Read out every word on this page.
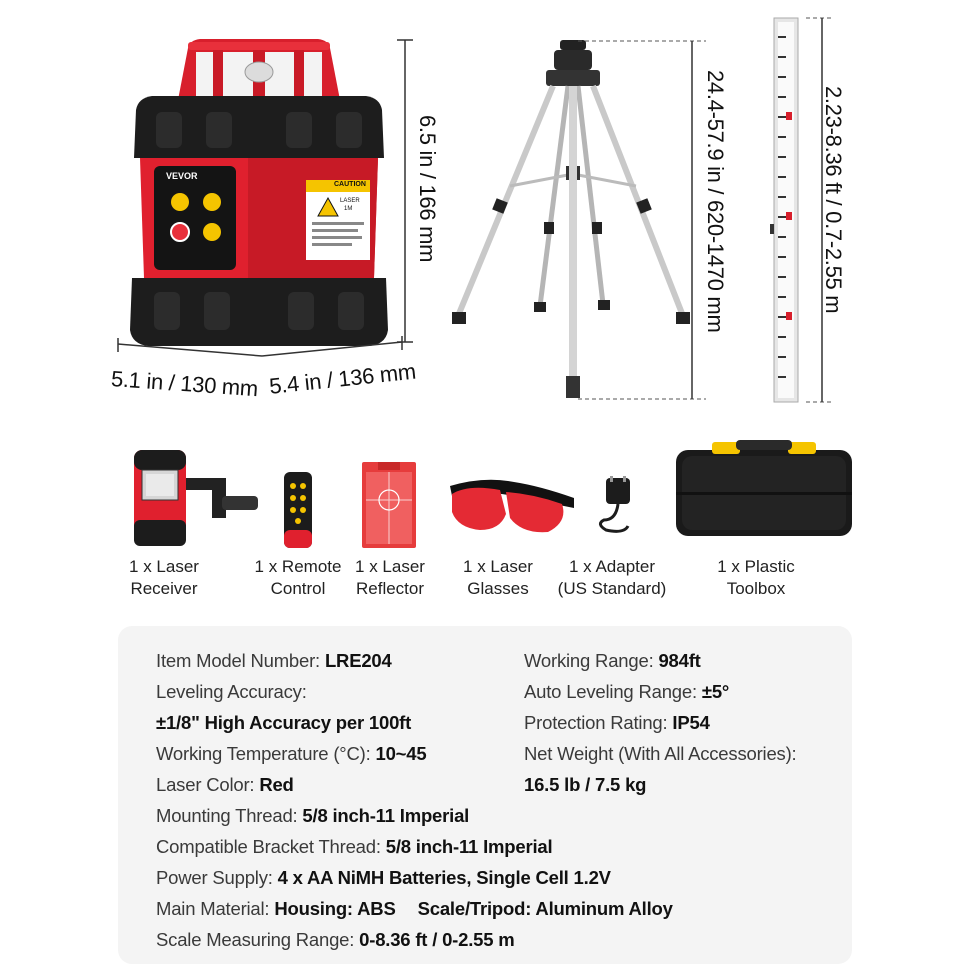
VEVOR
CAUTION
LASER
1M	6.5 in / 166 mm
5.1 in / 130 mm 5.4 in / 136 mm
24.4-57.9 in / 620-1470 mm	2.23-8.36 ft / 0.7-2.55 m
1 x Laser
Receiver
1 x Remote
Control
1 x Laser
Reflector
1 x Laser
Glasses
1 x Adapter
(US Standard)
1 x Plastic
Toolbox
Item Model Number: LRE204
Leveling Accuracy:
±1/8" High Accuracy per 100ft
Working Temperature (°C): 10~45
Laser Color: Red
Mounting Thread: 5/8 inch-11 Imperial
Compatible Bracket Thread: 5/8 inch-11 Imperial
Power Supply: 4 x AA NiMH Batteries, Single Cell 1.2V
Main Material: Housing: ABS Scale/Tripod: Aluminum Alloy
Scale Measuring Range: 0-8.36 ft / 0-2.55 m
Working Range: 984ft
Auto Leveling Range: ±5°
Protection Rating: IP54
Net Weight (With All Accessories):
16.5 lb / 7.5 kg
